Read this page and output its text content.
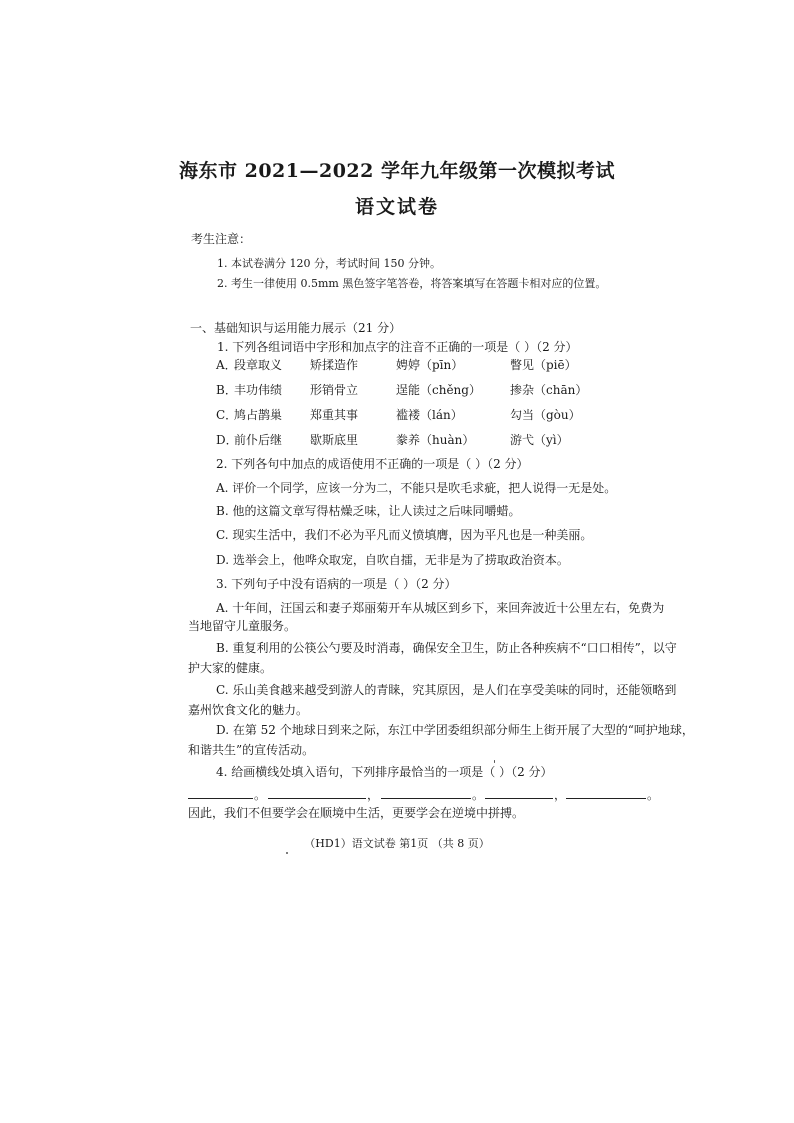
海东市 2021—2022 学年九年级第一次模拟考试
语文试卷
考生注意：
1. 本试卷满分 120 分，考试时间 150 分钟。
2. 考生一律使用 0.5mm 黑色签字笔答卷，将答案填写在答题卡相对应的位置。
一、基础知识与运用能力展示（21 分）
1. 下列各组词语中字形和加点字的注音不正确的一项是（ ）（2 分）
A．
段章取义 矫揉造作	娉婷（pīn）	瞥见（piē）
B．
丰功伟绩 形销骨立	逞能（chěng） 掺杂（chān）
C．
鸠占鹊巢 郑重其事	褴褛（lán）	勾当（gòu）
D．
前仆后继 歇斯底里	豢养（huàn）	游弋（yì）
2. 下列各句中加点的成语使用不正确的一项是（ ）（2 分）
A. 评价一个同学，应该一分为二，不能只是吹毛求疵，把人说得一无是处。
B. 他的这篇文章写得枯燥乏味，让人读过之后味同嚼蜡。
C. 现实生活中，我们不必为平凡而义愤填膺，因为平凡也是一种美丽。
D. 选举会上，他哗众取宠，自吹自擂，无非是为了捞取政治资本。
3. 下列句子中没有语病的一项是（ ）（2 分）
A. 十年间，汪国云和妻子郑丽菊开车从城区到乡下，来回奔波近十公里左右，免费为
当地留守儿童服务。
B. 重复利用的公筷公勺要及时消毒，确保安全卫生，防止各种疾病不“口口相传”，以守
护大家的健康。
C. 乐山美食越来越受到游人的青睐，究其原因，是人们在享受美味的同时，还能领略到
嘉州饮食文化的魅力。
D. 在第 52 个地球日到来之际，东江中学团委组织部分师生上街开展了大型的“呵护地球，
和谐共生”的宣传活动。
4. 给画横线处填入语句，下列排序最恰当的一项是（ ）（2 分）
。	，	。	，	。
因此，我们不但要学会在顺境中生活，更要学会在逆境中拼搏。
（HD1）语文试卷 第1页 （共 8 页）
